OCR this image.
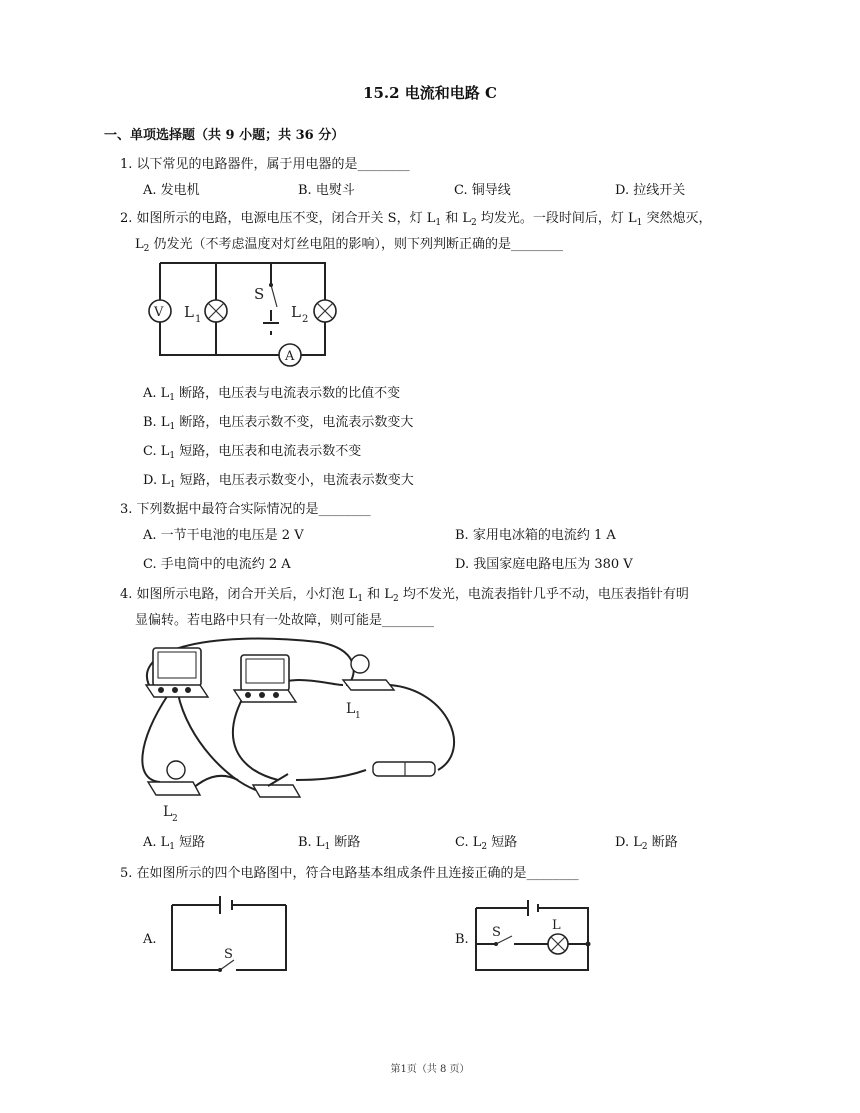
15.2 电流和电路 C
一、单项选择题（共 9 小题；共 36 分）
1. 以下常见的电路器件，属于用电器的是________
A. 发电机	B. 电熨斗	C. 铜导线	D. 拉线开关
2. 如图所示的电路，电源电压不变，闭合开关 S，灯 $L_1$ 和 $L_2$ 均发光。一段时间后，灯 $L_1$ 突然熄灭，
$L_2$ 仍发光（不考虑温度对灯丝电阻的影响），则下列判断正确的是________
V
A
S
L 1	L 2
A. $L_1$ 断路，电压表与电流表示数的比值不变
B. $L_1$ 断路，电压表示数不变，电流表示数变大
C. $L_1$ 短路，电压表和电流表示数不变
D. $L_1$ 短路，电压表示数变小，电流表示数变大
3. 下列数据中最符合实际情况的是________
A. 一节干电池的电压是 2 V	B. 家用电冰箱的电流约 1 A
C. 手电筒中的电流约 2 A	D. 我国家庭电路电压为 380 V
4. 如图所示电路，闭合开关后，小灯泡 $L_1$ 和 $L_2$ 均不发光，电流表指针几乎不动，电压表指针有明
显偏转。若电路中只有一处故障，则可能是________
L 1
L 2
A. $L_1$ 短路	B. $L_1$ 断路	C. $L_2$ 短路	D. $L_2$ 断路
5. 在如图所示的四个电路图中，符合电路基本组成条件且连接正确的是________
A.
S
B. S	L
第1页（共 8 页）
